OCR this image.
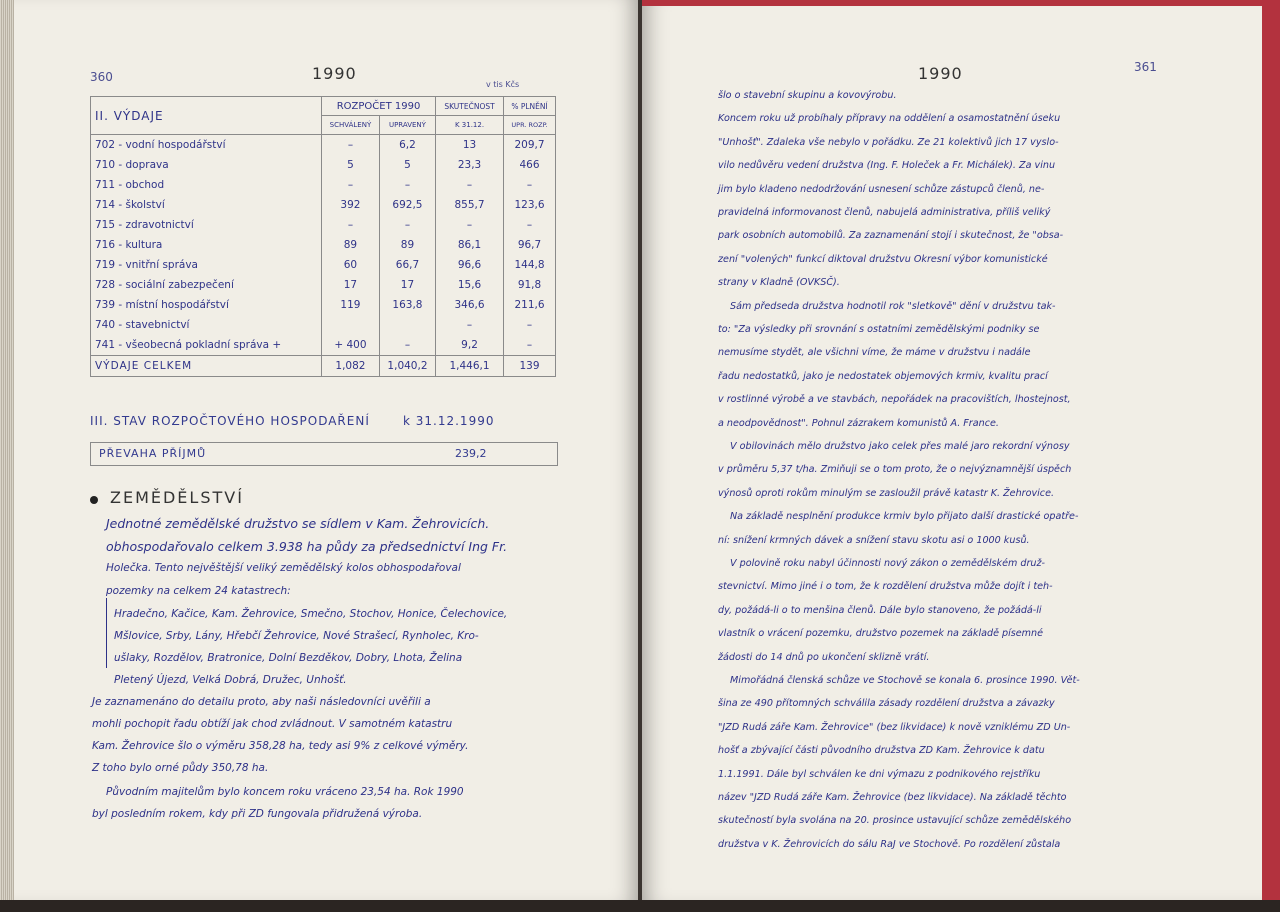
360	1990
v tis Kčs
II. VÝDAJE	ROZPOČET 1990		SKUTEČNOST	% PLNĚNÍ
	SCHVÁLENÝ	UPRAVENÝ	K 31.12.	UPR. ROZP.
702 - vodní hospodářství	–	6,2	13	209,7
710 - doprava	5	5	23,3	466
711 - obchod	–	–	–	–
714 - školství	392	692,5	855,7	123,6
715 - zdravotnictví	–	–	–	–
716 - kultura	89	89	86,1	96,7
719 - vnitřní správa	60	66,7	96,6	144,8
728 - sociální zabezpečení	17	17	15,6	91,8
739 - místní hospodářství	119	163,8	346,6	211,6
740 - stavebnictví			–	–
741 - všeobecná pokladní správa +	+ 400	–	9,2	–
VÝDAJE CELKEM	1,082	1,040,2	1,446,1	139
III. STAV ROZPOČTOVÉHO HOSPODAŘENÍ	k 31.12.1990
PŘEVAHA PŘÍJMŮ	239,2
ZEMĚDĚLSTVÍ
Jednotné zemědělské družstvo se sídlem v Kam. Žehrovicích.
obhospodařovalo celkem 3.938 ha půdy za předsednictví Ing Fr.
Holečka. Tento nejvěštější veliký zemědělský kolos obhospodařoval
pozemky na celkem 24 katastrech:
Hradečno, Kačice, Kam. Žehrovice, Smečno, Stochov, Honice, Čelechovice,
Mšlovice, Srby, Lány, Hřebčí Žehrovice, Nové Strašecí, Rynholec, Kro-
ušlaky, Rozdělov, Bratronice, Dolní Bezděkov, Dobry, Lhota, Želina
Pletený Újezd, Velká Dobrá, Družec, Unhošť.
Je zaznamenáno do detailu proto, aby naši následovníci uvěřili a
mohli pochopit řadu obtíží jak chod zvládnout. V samotném katastru
Kam. Žehrovice šlo o výměru 358,28 ha, tedy asi 9% z celkové výměry.
Z toho bylo orné půdy 350,78 ha.
Původním majitelům bylo koncem roku vráceno 23,54 ha. Rok 1990
byl posledním rokem, kdy při ZD fungovala přidružená výroba.
1990	361
šlo o stavební skupinu a kovovýrobu.
Koncem roku už probíhaly přípravy na oddělení a osamostatnění úseku
"Unhošť". Zdaleka vše nebylo v pořádku. Ze 21 kolektivů jich 17 vyslo-
vilo nedůvěru vedení družstva (Ing. F. Holeček a Fr. Michálek). Za vinu
jim bylo kladeno nedodržování usnesení schůze zástupců členů, ne-
pravidelná informovanost členů, nabujelá administrativa, příliš veliký
park osobních automobilů. Za zaznamenání stojí i skutečnost, že "obsa-
zení "volených" funkcí diktoval družstvu Okresní výbor komunistické
strany v Kladně (OVKSČ).
Sám předseda družstva hodnotil rok "sletkově" dění v družstvu tak-
to: "Za výsledky při srovnání s ostatními zemědělskými podniky se
nemusíme stydět, ale všichni víme, že máme v družstvu i nadále
řadu nedostatků, jako je nedostatek objemových krmiv, kvalitu prací
v rostlinné výrobě a ve stavbách, nepořádek na pracovištích, lhostejnost,
a neodpovědnost". Pohnul zázrakem komunistů A. France.
V obilovinách mělo družstvo jako celek přes malé jaro rekordní výnosy
v průměru 5,37 t/ha. Zmiňuji se o tom proto, že o nejvýznamnější úspěch
výnosů oproti rokům minulým se zasloužil právě katastr K. Žehrovice.
Na základě nesplnění produkce krmiv bylo přijato další drastické opatře-
ní: snížení krmných dávek a snížení stavu skotu asi o 1000 kusů.
V polovině roku nabyl účinnosti nový zákon o zemědělském druž-
stevnictví. Mimo jiné i o tom, že k rozdělení družstva může dojít i teh-
dy, požádá-li o to menšina členů. Dále bylo stanoveno, že požádá-li
vlastník o vrácení pozemku, družstvo pozemek na základě písemné
žádosti do 14 dnů po ukončení sklizně vrátí.
Mimořádná členská schůze ve Stochově se konala 6. prosince 1990. Vět-
šina ze 490 přítomných schválila zásady rozdělení družstva a závazky
"JZD Rudá záře Kam. Žehrovice" (bez likvidace) k nově vzniklému ZD Un-
hošť a zbývající části původního družstva ZD Kam. Žehrovice k datu
1.1.1991. Dále byl schválen ke dni výmazu z podnikového rejstříku
název "JZD Rudá záře Kam. Žehrovice (bez likvidace). Na základě těchto
skutečností byla svolána na 20. prosince ustavující schůze zemědělského
družstva v K. Žehrovicích do sálu RaJ ve Stochově. Po rozdělení zůstala
